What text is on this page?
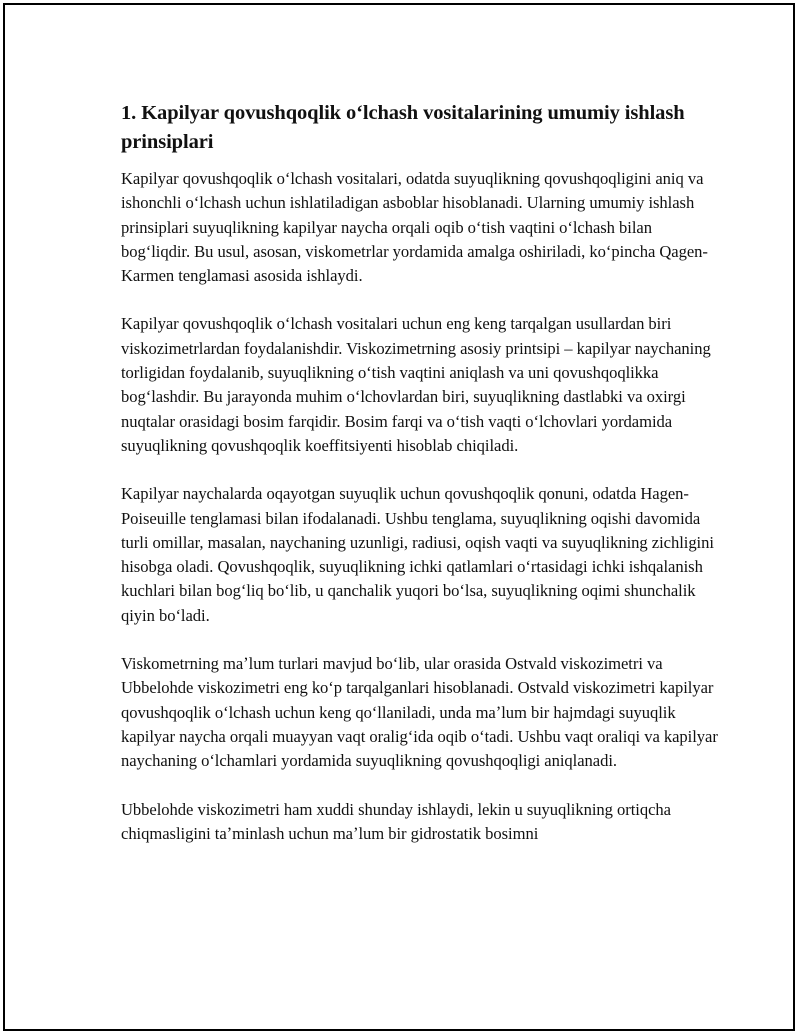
1. Kapilyar qovushqoqlik oʻlchash vositalarining umumiy ishlash prinsiplari

Kapilyar qovushqoqlik oʻlchash vositalari, odatda suyuqlikning qovushqoqligini aniq va ishonchli oʻlchash uchun ishlatiladigan asboblar hisoblanadi. Ularning umumiy ishlash prinsiplari suyuqlikning kapilyar naycha orqali oqib oʻtish vaqtini oʻlchash bilan bogʻliqdir. Bu usul, asosan, viskometrlar yordamida amalga oshiriladi, koʻpincha Qagen-Karmen tenglamasi asosida ishlaydi.

Kapilyar qovushqoqlik oʻlchash vositalari uchun eng keng tarqalgan usullardan biri viskozimetrlardan foydalanishdir. Viskozimetrning asosiy printsipi – kapilyar naychaning torligidan foydalanib, suyuqlikning oʻtish vaqtini aniqlash va uni qovushqoqlikka bogʻlashdir. Bu jarayonda muhim oʻlchovlardan biri, suyuqlikning dastlabki va oxirgi nuqtalar orasidagi bosim farqidir. Bosim farqi va oʻtish vaqti oʻlchovlari yordamida suyuqlikning qovushqoqlik koeffitsiyenti hisoblab chiqiladi.

Kapilyar naychalarda oqayotgan suyuqlik uchun qovushqoqlik qonuni, odatda Hagen-Poiseuille tenglamasi bilan ifodalanadi. Ushbu tenglama, suyuqlikning oqishi davomida turli omillar, masalan, naychaning uzunligi, radiusi, oqish vaqti va suyuqlikning zichligini hisobga oladi. Qovushqoqlik, suyuqlikning ichki qatlamlari oʻrtasidagi ichki ishqalanish kuchlari bilan bogʻliq boʻlib, u qanchalik yuqori boʻlsa, suyuqlikning oqimi shunchalik qiyin boʻladi.

Viskometrning maʼlum turlari mavjud boʻlib, ular orasida Ostvald viskozimetri va Ubbelohde viskozimetri eng koʻp tarqalganlari hisoblanadi. Ostvald viskozimetri kapilyar qovushqoqlik oʻlchash uchun keng qoʻllaniladi, unda maʼlum bir hajmdagi suyuqlik kapilyar naycha orqali muayyan vaqt oraligʻida oqib oʻtadi. Ushbu vaqt oraliqi va kapilyar naychaning oʻlchamlari yordamida suyuqlikning qovushqoqligi aniqlanadi.

Ubbelohde viskozimetri ham xuddi shunday ishlaydi, lekin u suyuqlikning ortiqcha chiqmasligini taʼminlash uchun maʼlum bir gidrostatik bosimni
